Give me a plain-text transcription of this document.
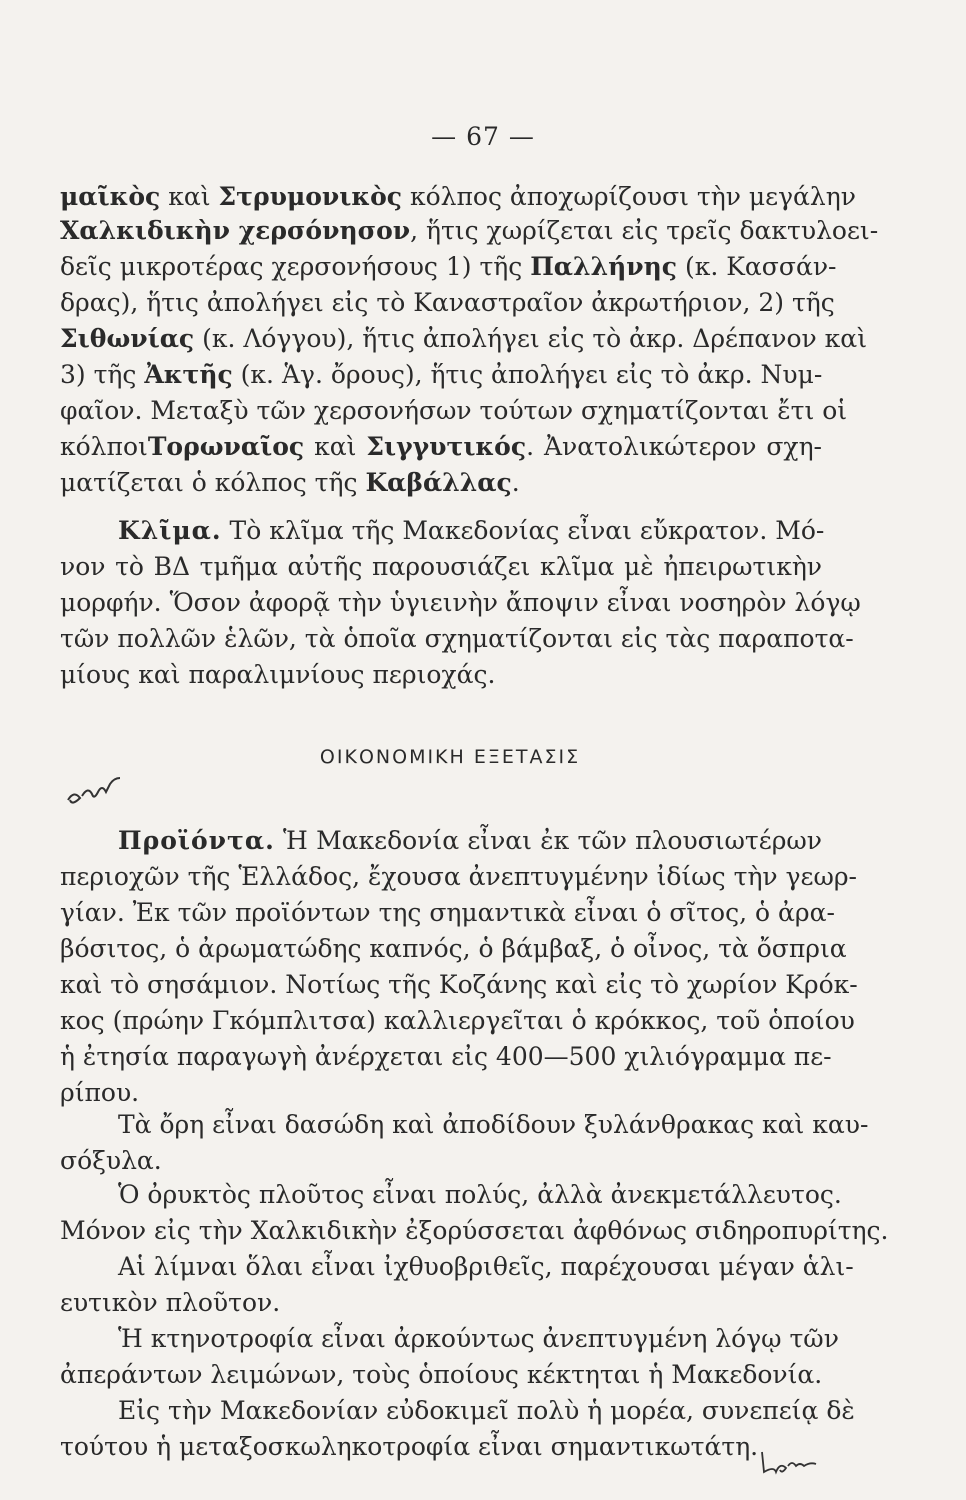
— 67 —
μαῖκὸς καὶ Στρυμονικὸς κόλπος ἀποχωρίζουσι τὴν μεγάλην
Χαλκιδικὴν χερσόνησον, ἥτις χωρίζεται εἰς τρεῖς δακτυλοει-
δεῖς μικροτέρας χερσονήσους 1) τῆς Παλλήνης (κ. Κασσάν-
δρας), ἥτις ἀπολήγει εἰς τὸ Καναστραῖον ἀκρωτήριον, 2) τῆς
Σιθωνίας (κ. Λόγγου), ἥτις ἀπολήγει εἰς τὸ ἀκρ. Δρέπανον καὶ
3) τῆς Ἀκτῆς (κ. Ἁγ. ὄρους), ἥτις ἀπολήγει εἰς τὸ ἀκρ. Νυμ-
φαῖον. Μεταξὺ τῶν χερσονήσων τούτων σχηματίζονται ἔτι οἱ
κόλποιΤορωναῖος καὶ Σιγγυτικός. Ἀνατολικώτερον σχη-
ματίζεται ὁ κόλπος τῆς Καβάλλας.
Κλῖμα. Τὸ κλῖμα τῆς Μακεδονίας εἶναι εὔκρατον. Μό-
νον τὸ ΒΔ τμῆμα αὐτῆς παρουσιάζει κλῖμα μὲ ἠπειρωτικὴν
μορφήν. Ὅσον ἀφορᾷ τὴν ὑγιεινὴν ἄποψιν εἶναι νοσηρὸν λόγῳ
τῶν πολλῶν ἑλῶν, τὰ ὁποῖα σχηματίζονται εἰς τὰς παραποτα-
μίους καὶ παραλιμνίους περιοχάς.
ΟΙΚΟΝΟΜΙΚΗ ΕΞΕΤΑΣΙΣ
σαν
Προϊόντα. Ἡ Μακεδονία εἶναι ἐκ τῶν πλουσιωτέρων
περιοχῶν τῆς Ἑλλάδος, ἔχουσα ἀνεπτυγμένην ἰδίως τὴν γεωρ-
γίαν. Ἐκ τῶν προϊόντων της σημαντικὰ εἶναι ὁ σῖτος, ὁ ἀρα-
βόσιτος, ὁ ἀρωματώδης καπνός, ὁ βάμβαξ, ὁ οἶνος, τὰ ὄσπρια
καὶ τὸ σησάμιον. Νοτίως τῆς Κοζάνης καὶ εἰς τὸ χωρίον Κρόκ-
κος (πρώην Γκόμπλιτσα) καλλιεργεῖται ὁ κρόκκος, τοῦ ὁποίου
ἡ ἐτησία παραγωγὴ ἀνέρχεται εἰς 400—500 χιλιόγραμμα πε-
ρίπου.
Τὰ ὄρη εἶναι δασώδη καὶ ἀποδίδουν ξυλάνθρακας καὶ καυ-
σόξυλα.
Ὁ ὀρυκτὸς πλοῦτος εἶναι πολύς, ἀλλὰ ἀνεκμετάλλευτος.
Μόνον εἰς τὴν Χαλκιδικὴν ἐξορύσσεται ἀφθόνως σιδηροπυρίτης.
Αἱ λίμναι ὅλαι εἶναι ἰχθυοβριθεῖς, παρέχουσαι μέγαν ἁλι-
ευτικὸν πλοῦτον.
Ἡ κτηνοτροφία εἶναι ἀρκούντως ἀνεπτυγμένη λόγῳ τῶν
ἀπεράντων λειμώνων, τοὺς ὁποίους κέκτηται ἡ Μακεδονία.
Εἰς τὴν Μακεδονίαν εὐδοκιμεῖ πολὺ ἡ μορέα, συνεπείᾳ δὲ
τούτου ἡ μεταξοσκωληκοτροφία εἶναι σημαντικωτάτη.
Lσr
